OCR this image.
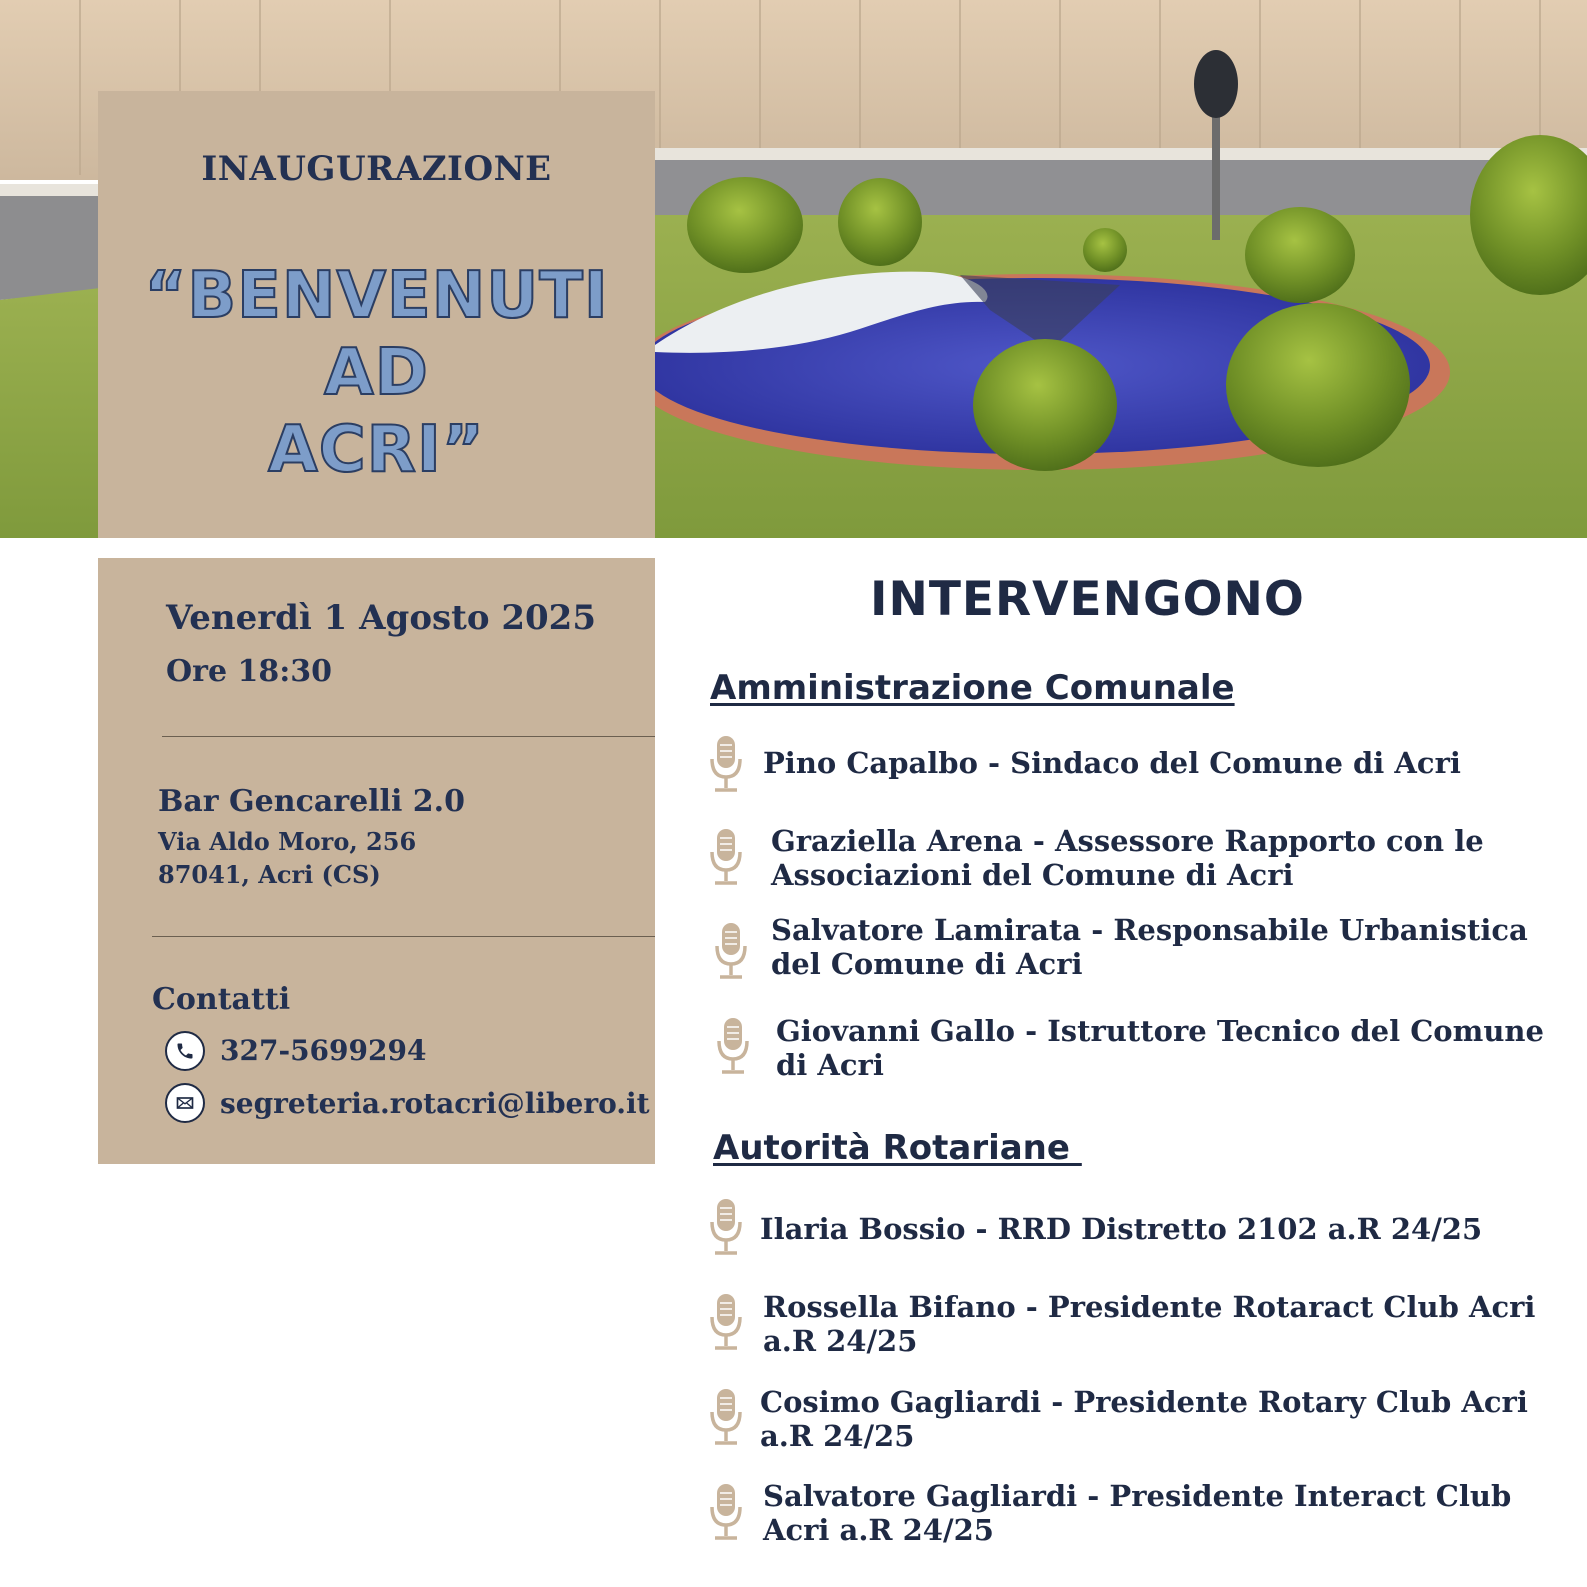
INAUGURAZIONE
“BENVENUTI
AD
ACRI”
Venerdì 1 Agosto 2025
Ore 18:30
Bar Gencarelli 2.0
Via Aldo Moro, 256
87041, Acri (CS)
Contatti
327-5699294
segreteria.rotacri@libero.it
INTERVENGONO
Amministrazione Comunale
Pino Capalbo - Sindaco del Comune di Acri
Graziella Arena - Assessore Rapporto con le
Associazioni del Comune di Acri
Salvatore Lamirata - Responsabile Urbanistica
del Comune di Acri
Giovanni Gallo - Istruttore Tecnico del Comune
di Acri
Autorità Rotariane
Ilaria Bossio - RRD Distretto 2102 a.R 24/25
Rossella Bifano - Presidente Rotaract Club Acri
a.R 24/25
Cosimo Gagliardi - Presidente Rotary Club Acri
a.R 24/25
Salvatore Gagliardi - Presidente Interact Club
Acri a.R 24/25
